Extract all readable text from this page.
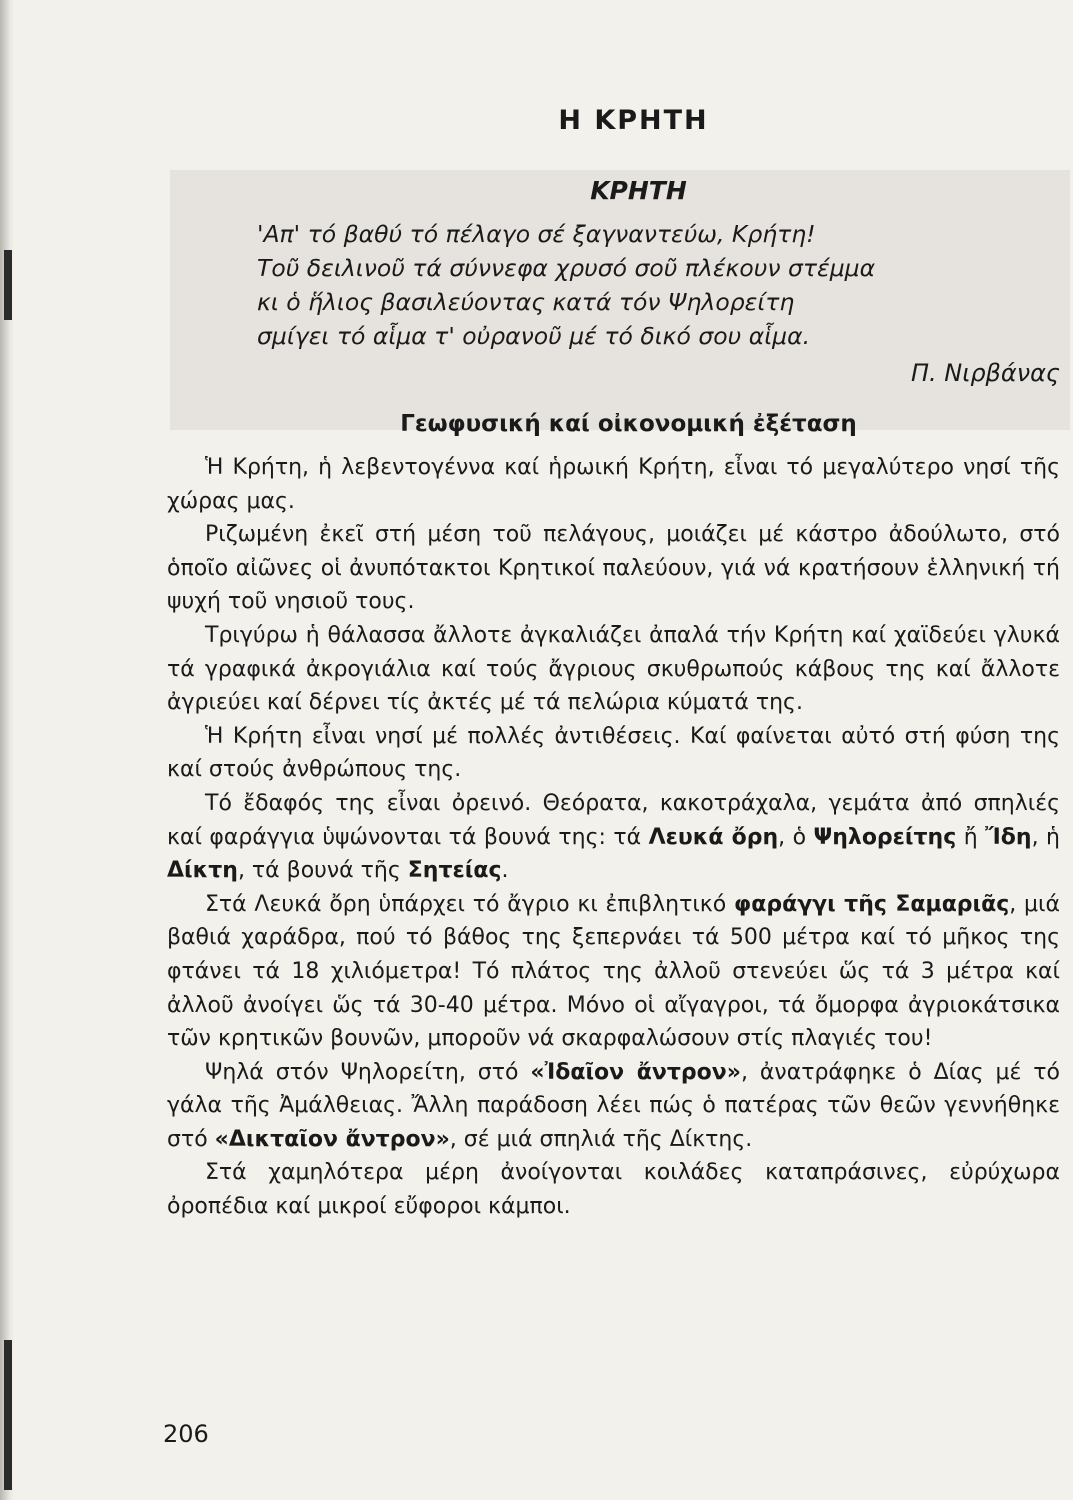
Η ΚΡΗΤΗ
ΚΡΗΤΗ
'Απ' τό βαθύ τό πέλαγο σέ ξαγναντεύω, Κρήτη!
Τοῦ δειλινοῦ τά σύννεφα χρυσό σοῦ πλέκουν στέμμα
κι ὁ ἥλιος βασιλεύοντας κατά τόν Ψηλορείτη
σμίγει τό αἷμα τ' οὐρανοῦ μέ τό δικό σου αἷμα.
Π. Νιρβάνας
Γεωφυσική καί οἰκονομική ἐξέταση

Ἡ Κρήτη, ἡ λεβεντογέννα καί ἡρωική Κρήτη, εἶναι τό μεγαλύτερο νησί τῆς χώρας μας.

Ριζωμένη ἐκεῖ στή μέση τοῦ πελάγους, μοιάζει μέ κάστρο ἀδούλωτο, στό ὁποῖο αἰῶνες οἱ ἀνυπότακτοι Κρητικοί παλεύουν, γιά νά κρατήσουν ἑλληνική τή ψυχή τοῦ νησιοῦ τους.

Τριγύρω ἡ θάλασσα ἄλλοτε ἀγκαλιάζει ἀπαλά τήν Κρήτη καί χαϊδεύει γλυκά τά γραφικά ἀκρογιάλια καί τούς ἄγριους σκυθρωπούς κάβους της καί ἄλλοτε ἀγριεύει καί δέρνει τίς ἀκτές μέ τά πελώρια κύματά της.

Ἡ Κρήτη εἶναι νησί μέ πολλές ἀντιθέσεις. Καί φαίνεται αὐτό στή φύση της καί στούς ἀνθρώπους της.

Τό ἔδαφός της εἶναι ὀρεινό. Θεόρατα, κακοτράχαλα, γεμάτα ἀπό σπηλιές καί φαράγγια ὑψώνονται τά βουνά της: τά Λευκά ὄρη, ὁ Ψηλορείτης ἤ Ἴδη, ἡ Δίκτη, τά βουνά τῆς Σητείας.

Στά Λευκά ὄρη ὑπάρχει τό ἄγριο κι ἐπιβλητικό φαράγγι τῆς Σαμαριᾶς, μιά βαθιά χαράδρα, πού τό βάθος της ξεπερνάει τά 500 μέτρα καί τό μῆκος της φτάνει τά 18 χιλιόμετρα! Τό πλάτος της ἀλλοῦ στενεύει ὥς τά 3 μέτρα καί ἀλλοῦ ἀνοίγει ὥς τά 30-40 μέτρα. Μόνο οἱ αἴγαγροι, τά ὄμορφα ἀγριοκάτσικα τῶν κρητικῶν βουνῶν, μποροῦν νά σκαρφαλώσουν στίς πλαγιές του!

Ψηλά στόν Ψηλορείτη, στό «Ἰδαῖον ἄντρον», ἀνατράφηκε ὁ Δίας μέ τό γάλα τῆς Ἀμάλθειας. Ἄλλη παράδοση λέει πώς ὁ πατέρας τῶν θεῶν γεννήθηκε στό «Δικταῖον ἄντρον», σέ μιά σπηλιά τῆς Δίκτης.

Στά χαμηλότερα μέρη ἀνοίγονται κοιλάδες καταπράσινες, εὐρύχωρα ὀροπέδια καί μικροί εὔφοροι κάμποι.

206
